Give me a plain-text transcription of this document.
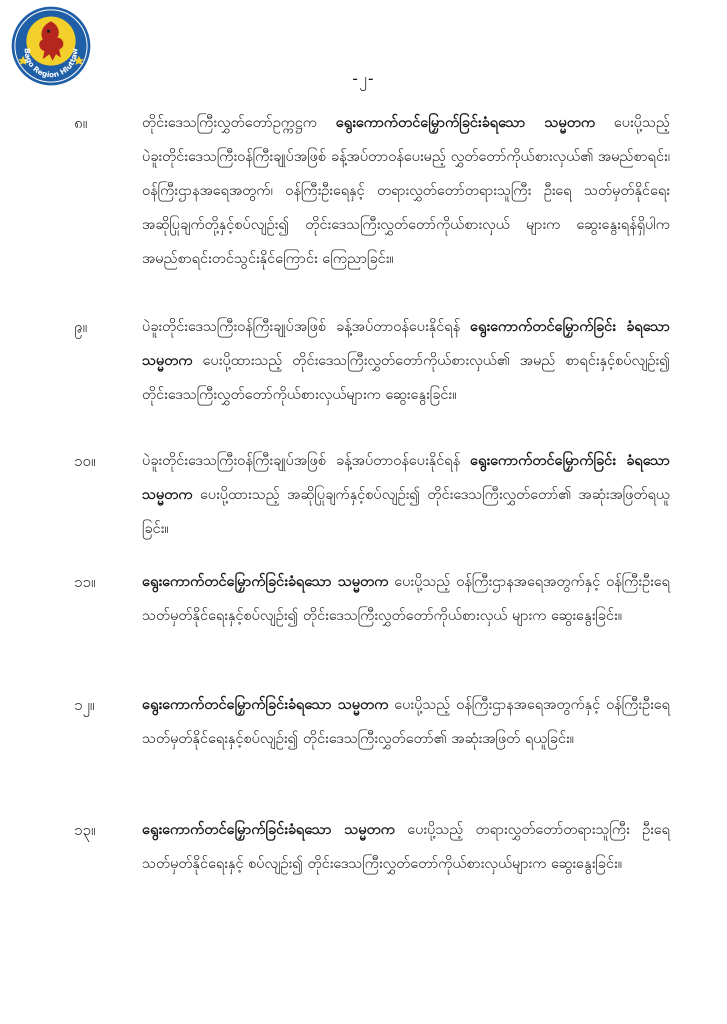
Bago Region Hluttaw
-၂-
၈။	တိုင်းဒေသကြီးလွှတ်တော်ဥက္ကဋ္ဌက ရွေးကောက်တင်မြှောက်ခြင်းခံရသော သမ္မတက ပေးပို့သည့် ပဲခူးတိုင်းဒေသကြီးဝန်ကြီးချုပ်အဖြစ် ခန့်အပ်တာဝန်ပေးမည့် လွှတ်တော်ကိုယ်စားလှယ်၏ အမည်စာရင်း၊ ဝန်ကြီးဌာနအရေအတွက်၊ ဝန်ကြီးဦးရေနှင့် တရားလွှတ်တော်တရားသူကြီး ဦးရေ သတ်မှတ်နိုင်ရေး အဆိုပြုချက်တို့နှင့်စပ်လျဉ်း၍ တိုင်းဒေသကြီးလွှတ်တော်ကိုယ်စားလှယ် များက ဆွေးနွေးရန်ရှိပါက အမည်စာရင်းတင်သွင်းနိုင်ကြောင်း ကြေညာခြင်း။
၉။	ပဲခူးတိုင်းဒေသကြီးဝန်ကြီးချုပ်အဖြစ် ခန့်အပ်တာဝန်ပေးနိုင်ရန် ရွေးကောက်တင်မြှောက်ခြင်း ခံရသော သမ္မတက ပေးပို့ထားသည့် တိုင်းဒေသကြီးလွှတ်တော်ကိုယ်စားလှယ်၏ အမည် စာရင်းနှင့်စပ်လျဉ်း၍ တိုင်းဒေသကြီးလွှတ်တော်ကိုယ်စားလှယ်များက ဆွေးနွေးခြင်း။
၁၀။	ပဲခူးတိုင်းဒေသကြီးဝန်ကြီးချုပ်အဖြစ် ခန့်အပ်တာဝန်ပေးနိုင်ရန် ရွေးကောက်တင်မြှောက်ခြင်း ခံရသော သမ္မတက ပေးပို့ထားသည့် အဆိုပြုချက်နှင့်စပ်လျဉ်း၍ တိုင်းဒေသကြီးလွှတ်တော်၏ အဆုံးအဖြတ်ရယူခြင်း။
၁၁။	ရွေးကောက်တင်မြှောက်ခြင်းခံရသော သမ္မတက ပေးပို့သည့် ဝန်ကြီးဌာနအရေအတွက်နှင့် ဝန်ကြီးဦးရေ သတ်မှတ်နိုင်ရေးနှင့်စပ်လျဉ်း၍ တိုင်းဒေသကြီးလွှတ်တော်ကိုယ်စားလှယ် များက ဆွေးနွေးခြင်း။
၁၂။	ရွေးကောက်တင်မြှောက်ခြင်းခံရသော သမ္မတက ပေးပို့သည့် ဝန်ကြီးဌာနအရေအတွက်နှင့် ဝန်ကြီးဦးရေသတ်မှတ်နိုင်ရေးနှင့်စပ်လျဉ်း၍ တိုင်းဒေသကြီးလွှတ်တော်၏ အဆုံးအဖြတ် ရယူခြင်း။
၁၃။	ရွေးကောက်တင်မြှောက်ခြင်းခံရသော သမ္မတက ပေးပို့သည့် တရားလွှတ်တော်တရားသူကြီး ဦးရေ သတ်မှတ်နိုင်ရေးနှင့် စပ်လျဉ်း၍ တိုင်းဒေသကြီးလွှတ်တော်ကိုယ်စားလှယ်များက ဆွေးနွေးခြင်း။
